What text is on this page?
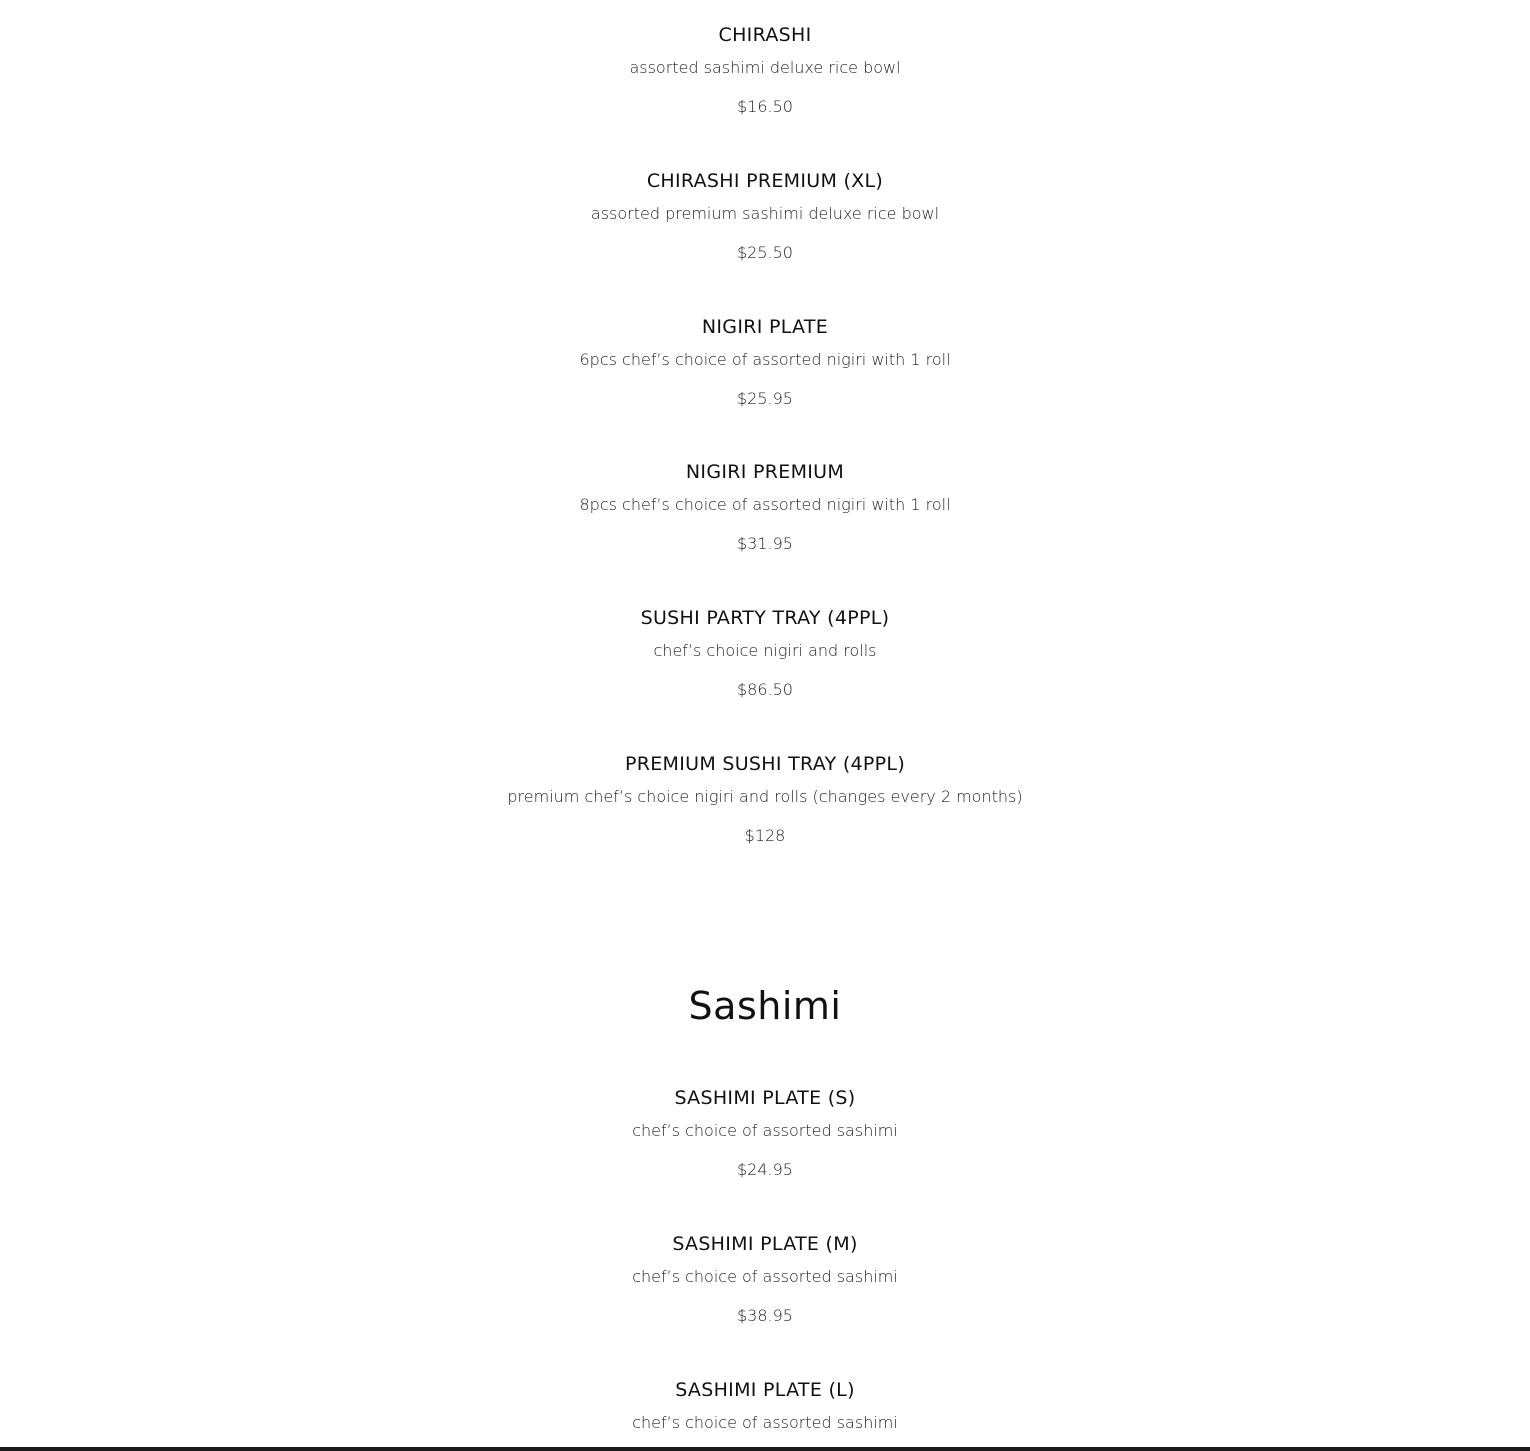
CHIRASHI
assorted sashimi deluxe rice bowl
$16.50
CHIRASHI PREMIUM (XL)
assorted premium sashimi deluxe rice bowl
$25.50
NIGIRI PLATE
6pcs chef’s choice of assorted nigiri with 1 roll
$25.95
NIGIRI PREMIUM
8pcs chef’s choice of assorted nigiri with 1 roll
$31.95
SUSHI PARTY TRAY (4PPL)
chef’s choice nigiri and rolls
$86.50
PREMIUM SUSHI TRAY (4PPL)
premium chef’s choice nigiri and rolls (changes every 2 months)
$128
Sashimi
SASHIMI PLATE (S)
chef’s choice of assorted sashimi
$24.95
SASHIMI PLATE (M)
chef’s choice of assorted sashimi
$38.95
SASHIMI PLATE (L)
chef’s choice of assorted sashimi
